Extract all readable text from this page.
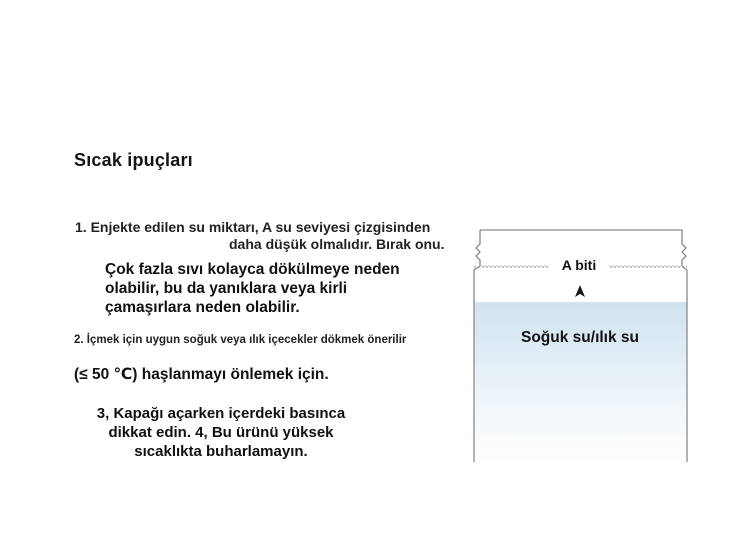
Sıcak ipuçları
1. Enjekte edilen su miktarı, A su seviyesi çizgisinden
daha düşük olmalıdır. Bırak onu.
Çok fazla sıvı kolayca dökülmeye neden olabilir, bu da yanıklara veya kirli çamaşırlara neden olabilir.
2. İçmek için uygun soğuk veya ılık içecekler dökmek önerilir
(≤ 50 ℃) haşlanmayı önlemek için.
3, Kapağı açarken içerdeki basınca dikkat edin. 4, Bu ürünü yüksek sıcaklıkta buharlamayın.
A biti
Soğuk su/ılık su
